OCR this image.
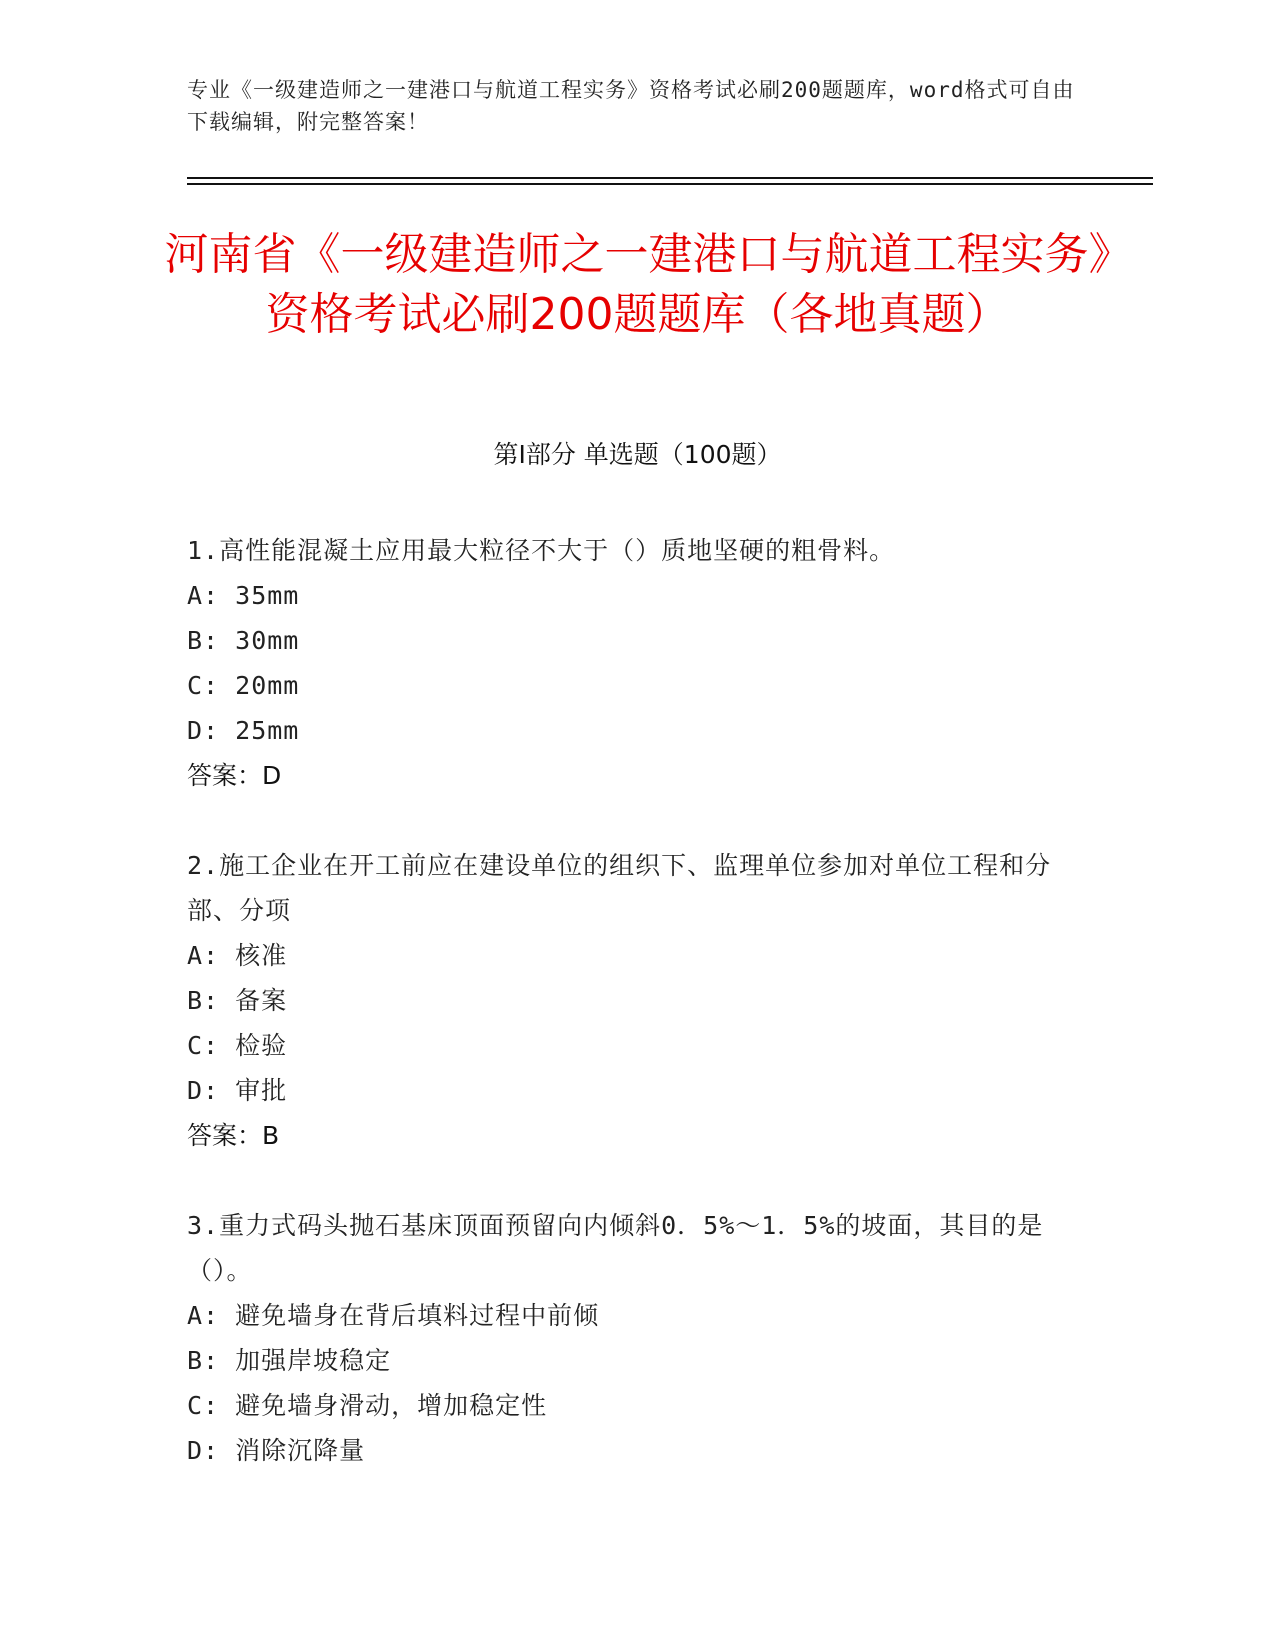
专业《一级建造师之一建港口与航道工程实务》资格考试必刷200题题库，word格式可自由下载编辑，附完整答案！
河南省《一级建造师之一建港口与航道工程实务》资格考试必刷200题题库（各地真题）
第Ⅰ部分 单选题（100题）
1.高性能混凝土应用最大粒径不大于（）质地坚硬的粗骨料。
A: 35mm
B: 30mm
C: 20mm
D: 25mm
答案：D
2.施工企业在开工前应在建设单位的组织下、监理单位参加对单位工程和分部、分项
A: 核准
B: 备案
C: 检验
D: 审批
答案：B
3.重力式码头抛石基床顶面预留向内倾斜0．5%～1．5%的坡面，其目的是（）。
A: 避免墙身在背后填料过程中前倾
B: 加强岸坡稳定
C: 避免墙身滑动，增加稳定性
D: 消除沉降量
